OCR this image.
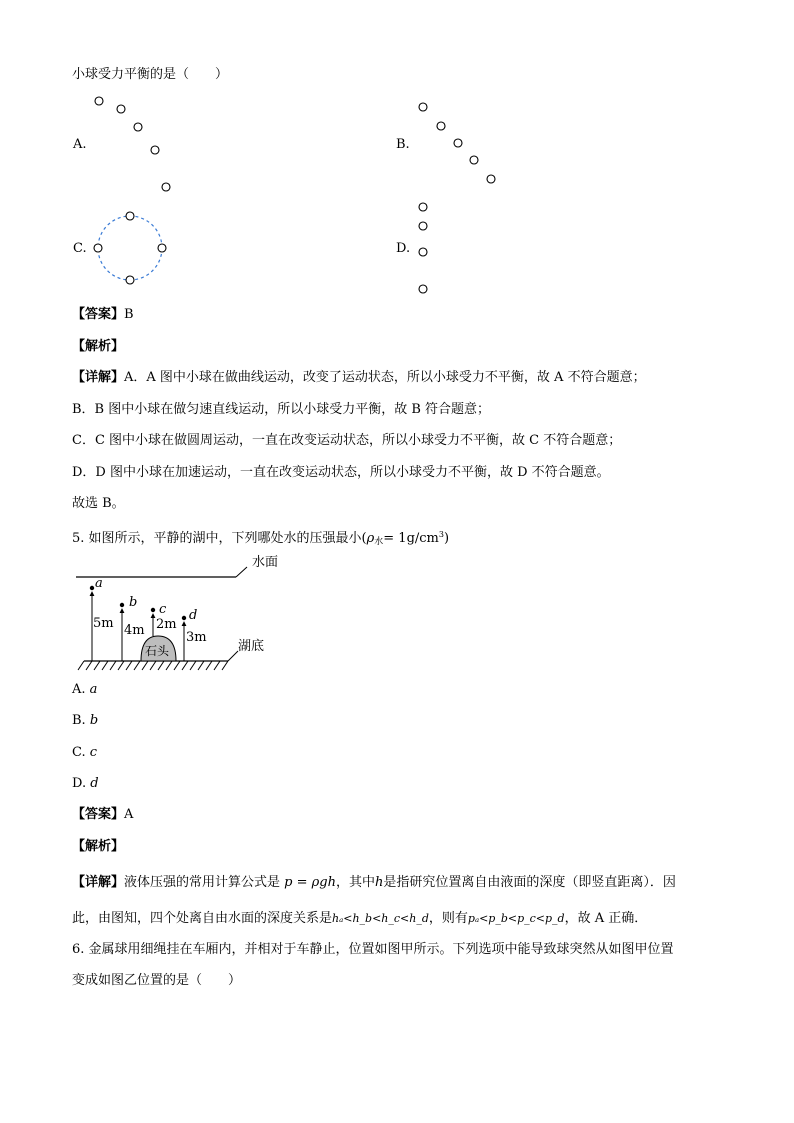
小球受力平衡的是（　　）
A.	B.
C.	D.
【答案】B
【解析】
【详解】A．A 图中小球在做曲线运动，改变了运动状态，所以小球受力不平衡，故 A 不符合题意；
B．B 图中小球在做匀速直线运动，所以小球受力平衡，故 B 符合题意；
C．C 图中小球在做圆周运动，一直在改变运动状态，所以小球受力不平衡，故 C 不符合题意；
D．D 图中小球在加速运动，一直在改变运动状态，所以小球受力不平衡，故 D 不符合题意。
故选 B。
5. 如图所示，平静的湖中，下列哪处水的压强最小$(\rho_水= 1g/cm^3)$
水面
湖底
石头
a
5m
b
4m
c
2m
d
3m
A. a
B. b
C. c
D. d
【答案】A
【解析】
【详解】液体压强的常用计算公式是 p = ρgh，其中h是指研究位置离自由液面的深度（即竖直距离）．因
此，由图知，四个处离自由水面的深度关系是hₐ<h_b<h_c<h_d，则有pₐ<p_b<p_c<p_d，故 A 正确．
6. 金属球用细绳挂在车厢内，并相对于车静止，位置如图甲所示。下列选项中能导致球突然从如图甲位置
变成如图乙位置的是（　　）
